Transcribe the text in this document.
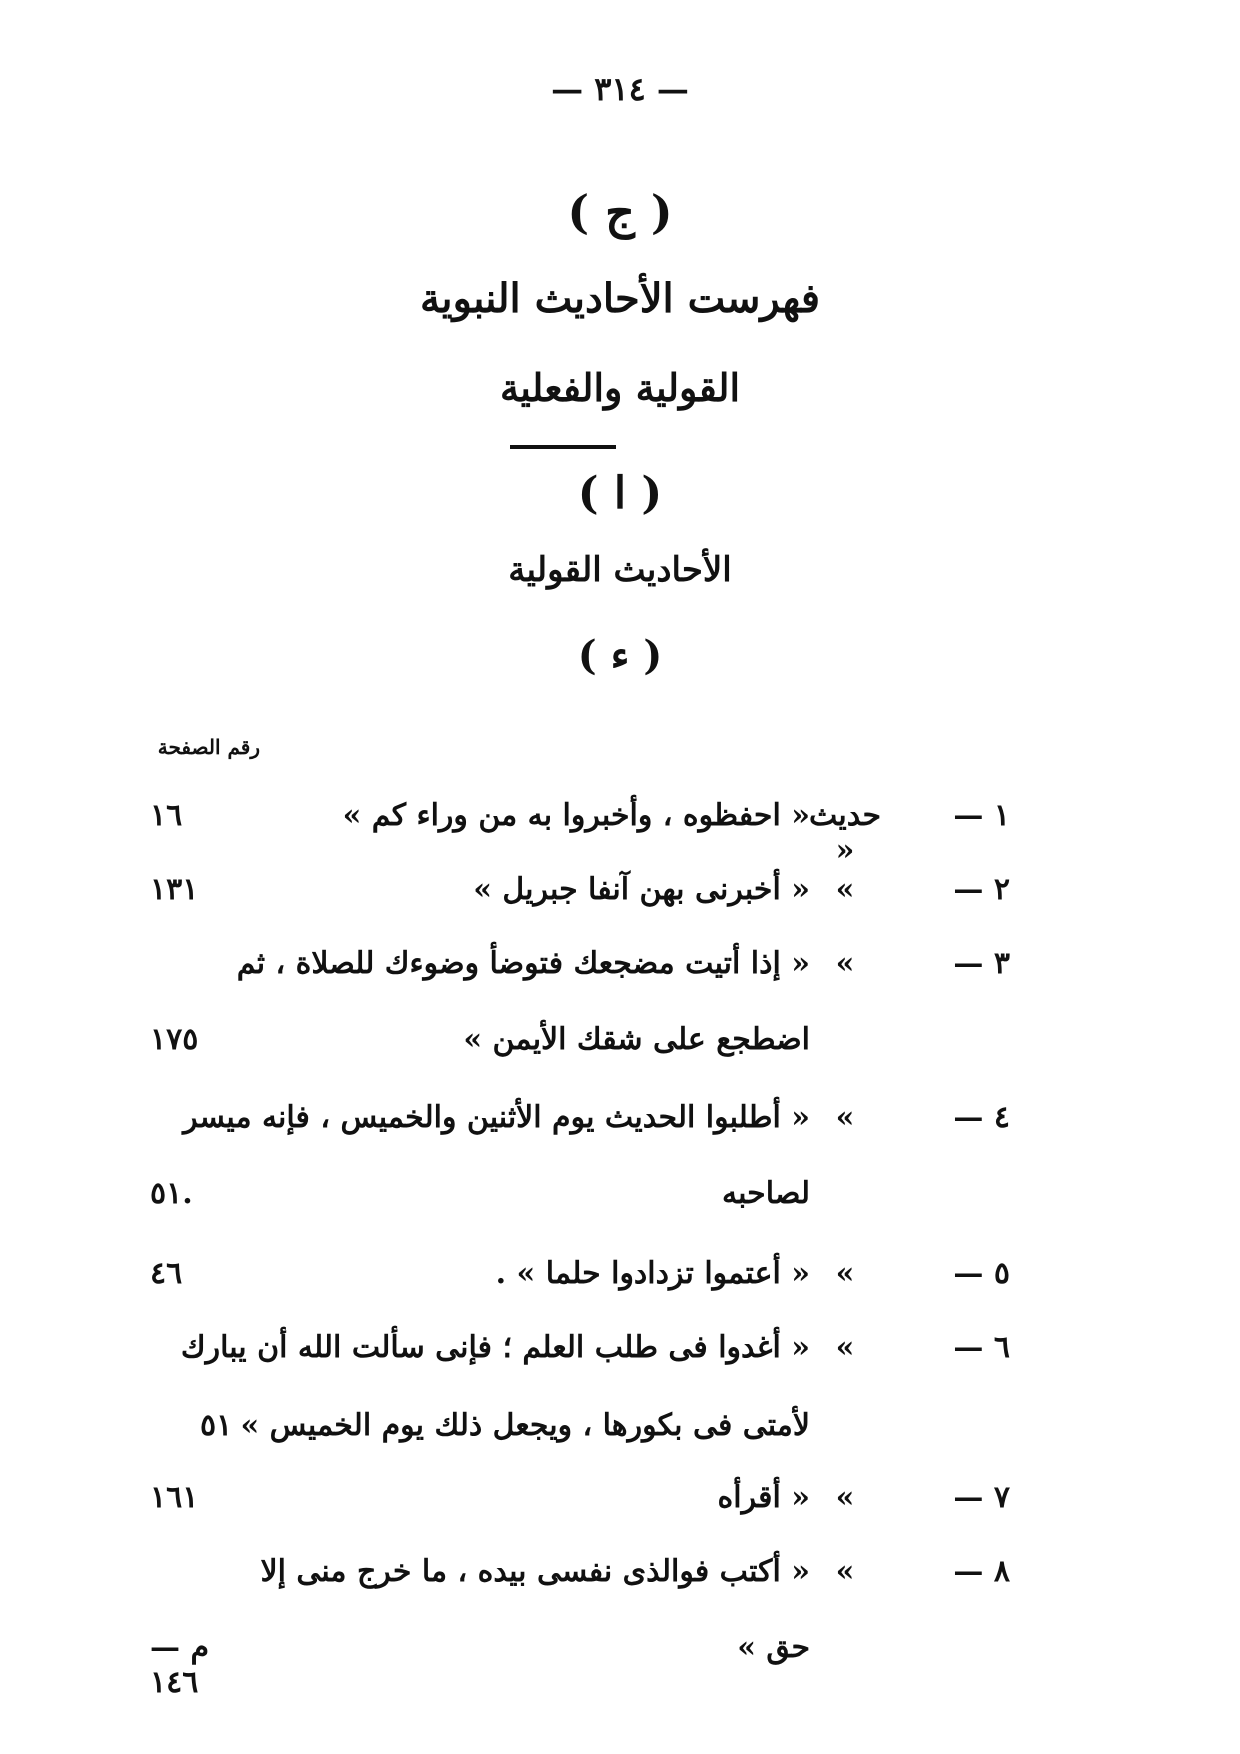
— ٣١٤ —
( ج )
فهرست الأحاديث النبوية
القولية والفعلية
( ا )
الأحاديث القولية
( ء )
رقم الصفحة
١ —
حديث «
« احفظوه ، وأخبروا به من وراء كم »
١٦
٢ —
»
« أخبرنى بهن آنفا جبريل »
١٣١
٣ —
»
« إذا أتيت مضجعك فتوضأ وضوءك للصلاة ، ثم
اضطجع على شقك الأيمن »
١٧٥
٤ —
»
« أطلبوا الحديث يوم الأثنين والخميس ، فإنه ميسر
لصاحبه
٥١.
٥ —
»
« أعتموا تزدادوا حلما » .
٤٦
٦ —
»
« أغدوا فى طلب العلم ؛ فإنى سألت الله أن يبارك
لأمتى فى بكورها ، ويجعل ذلك يوم الخميس »
٥١
٧ —
»
« أقرأه
١٦١
٨ —
»
« أكتب فوالذى نفسى بيده ، ما خرج منى إلا
حق »
م — ١٤٦
